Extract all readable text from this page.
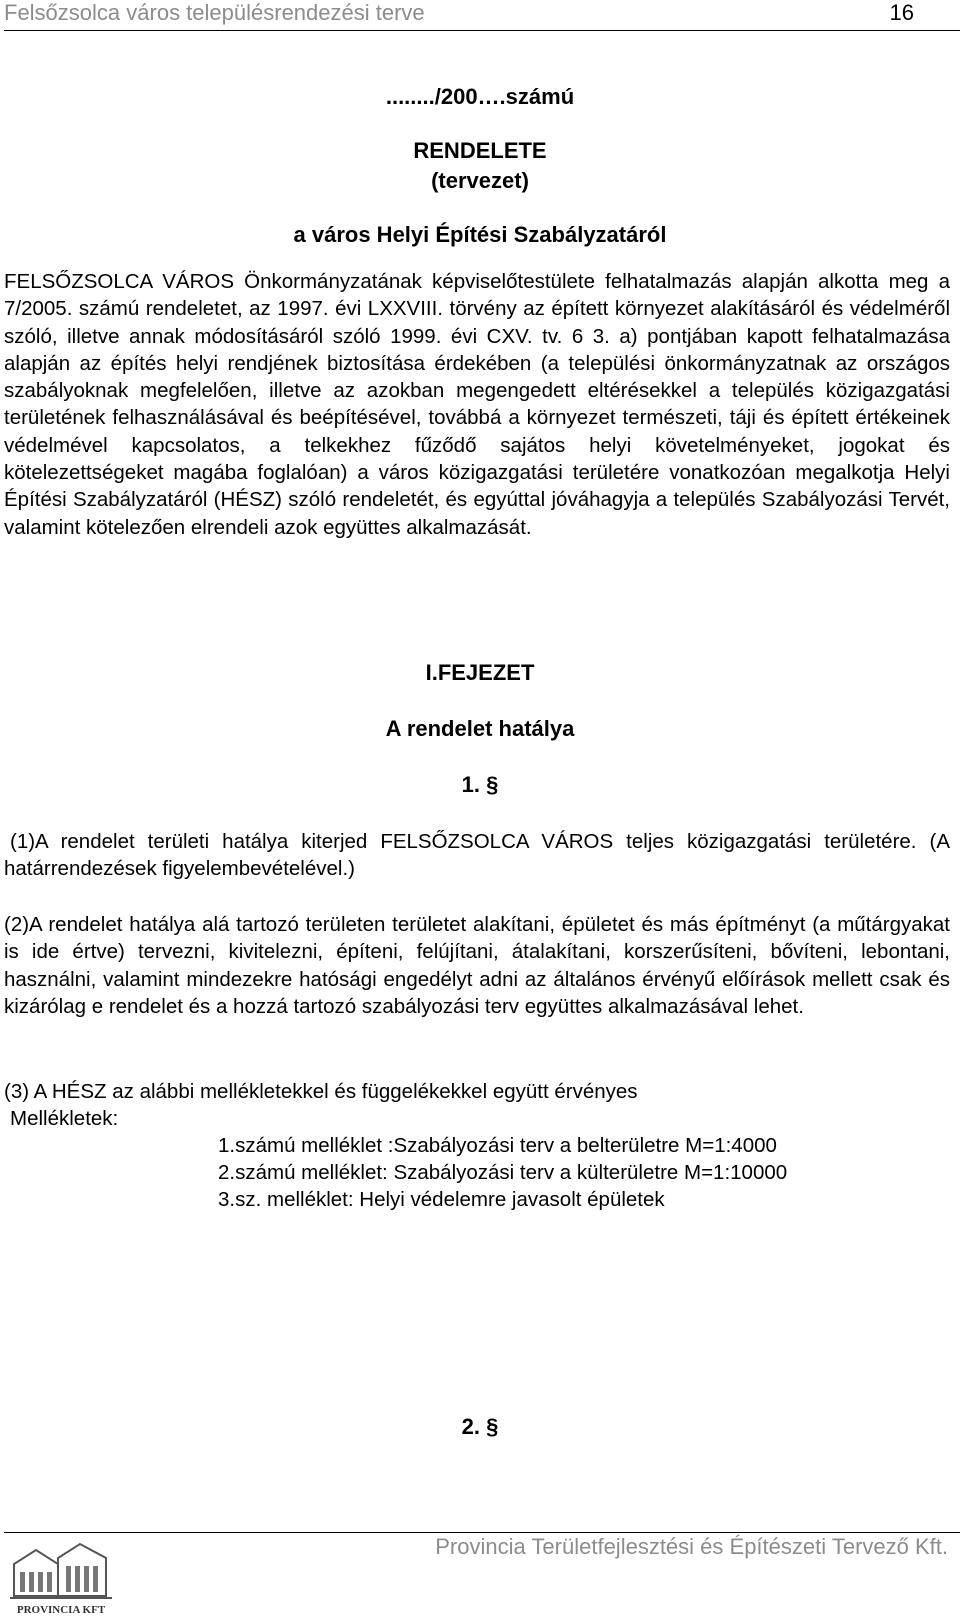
Felsőzsolca város településrendezési terve	16
......../200….számú
RENDELETE
(tervezet)
a város Helyi Építési Szabályzatáról

FELSŐZSOLCA VÁROS Önkormányzatának képviselőtestülete felhatalmazás alapján alkotta meg a 7/2005. számú rendeletet, az 1997. évi LXXVIII. törvény az épített környezet alakításáról és védelméről szóló, illetve annak módosításáról szóló 1999. évi CXV. tv. 6 3. a) pontjában kapott felhatalmazása alapján az építés helyi rendjének biztosítása érdekében (a települési önkormányzatnak az országos szabályoknak megfelelően, illetve az azokban megengedett eltérésekkel a település közigazgatási területének felhasználásával és beépítésével, továbbá a környezet természeti, táji és épített értékeinek védelmével kapcsolatos, a telkekhez fűződő sajátos helyi követelményeket, jogokat és kötelezettségeket magába foglalóan) a város közigazgatási területére vonatkozóan megalkotja Helyi Építési Szabályzatáról (HÉSZ) szóló rendeletét, és egyúttal jóváhagyja a település Szabályozási Tervét, valamint kötelezően elrendeli azok együttes alkalmazását.

I.FEJEZET
A rendelet hatálya
1. §

(1)A rendelet területi hatálya kiterjed FELSŐZSOLCA VÁROS teljes közigazgatási területére. (A határrendezések figyelembevételével.)

(2)A rendelet hatálya alá tartozó területen területet alakítani, épületet és más építményt (a műtárgyakat is ide értve) tervezni, kivitelezni, építeni, felújítani, átalakítani, korszerűsíteni, bővíteni, lebontani, használni, valamint mindezekre hatósági engedélyt adni az általános érvényű előírások mellett csak és kizárólag e rendelet és a hozzá tartozó szabályozási terv együttes alkalmazásával lehet.

(3) A HÉSZ az alábbi mellékletekkel és függelékekkel együtt érvényes
Mellékletek:
1.számú melléklet :Szabályozási terv a belterületre M=1:4000
2.számú melléklet: Szabályozási terv a külterületre M=1:10000
3.sz. melléklet: Helyi védelemre javasolt épületek
2. §
Provincia Területfejlesztési és Építészeti Tervező Kft.
PROVINCIA KFT
